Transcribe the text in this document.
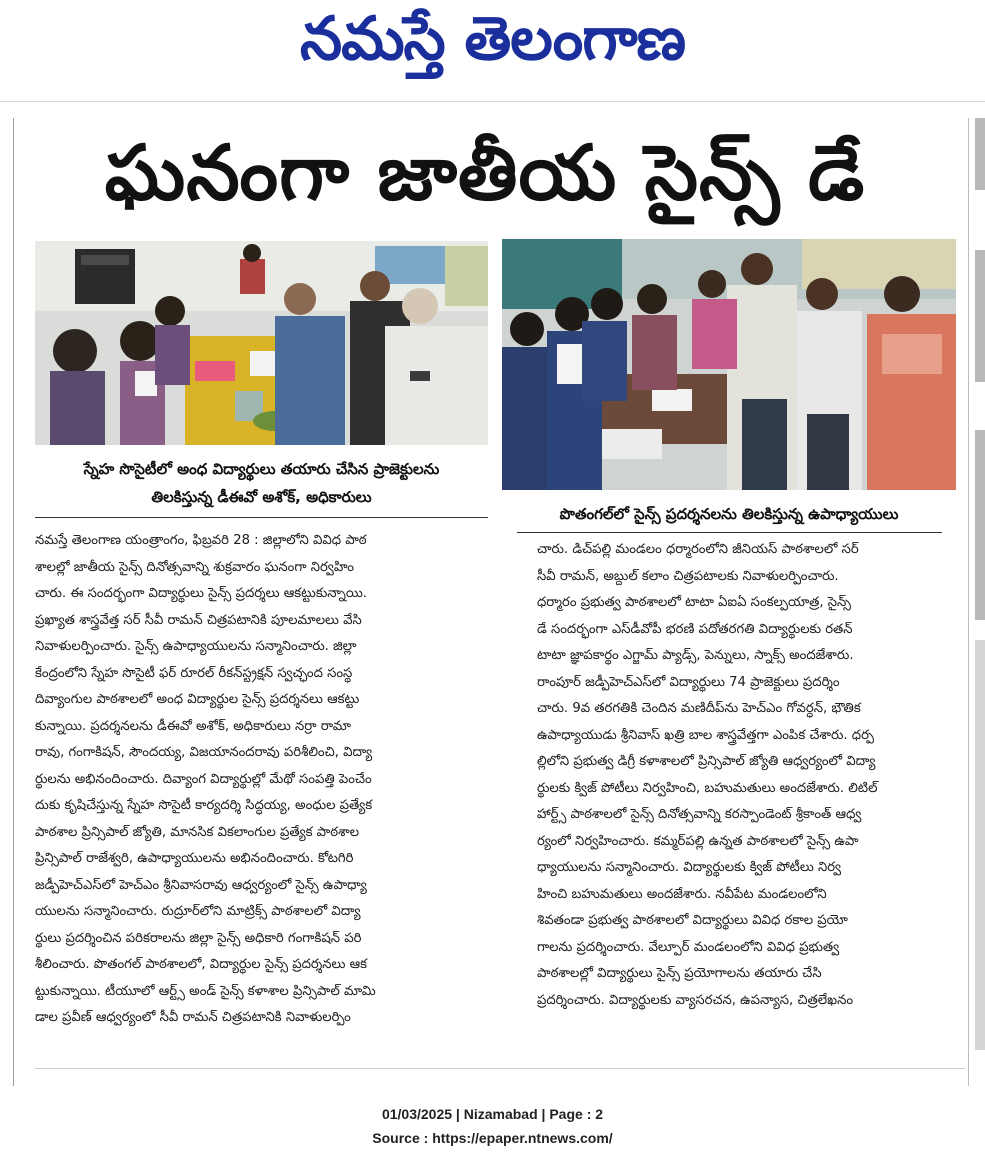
నమస్తే తెలంగాణ
ఘనంగా జాతీయ సైన్స్ డే
స్నేహ సొసైటీలో అంధ విద్యార్థులు తయారు చేసిన ప్రాజెక్టులను
తిలకిస్తున్న డీఈవో అశోక్, అధికారులు
పొతంగల్‌లో సైన్స్ ప్రదర్శనలను తిలకిస్తున్న ఉపాధ్యాయులు
నమస్తే తెలంగాణ యంత్రాంగం, ఫిబ్రవరి 28 : జిల్లాలోని వివిధ పాఠ
శాలల్లో జాతీయ సైన్స్ దినోత్సవాన్ని శుక్రవారం ఘనంగా నిర్వహిం
చారు. ఈ సందర్భంగా విద్యార్థులు సైన్స్ ప్రదర్శలు ఆకట్టుకున్నాయి.
ప్రఖ్యాత శాస్త్రవేత్త సర్ సీవీ రామన్ చిత్రపటానికి పూలమాలలు వేసి
నివాళులర్పించారు. సైన్స్ ఉపాధ్యాయులను సన్మానించారు. జిల్లా
కేంద్రంలోని స్నేహ సొసైటీ ఫర్ రూరల్ రీకన్‌స్ట్రక్షన్ స్వచ్ఛంద సంస్థ
దివ్యాంగుల పాఠశాలలో అంధ విద్యార్థుల సైన్స్ ప్రదర్శనలు ఆకట్టు
కున్నాయి. ప్రదర్శనలను డీఈవో అశోక్, అధికారులు నర్రా రామా
రావు, గంగాకిషన్, సౌందయ్య, విజయానందరావు పరిశీలించి, విద్యా
ర్థులను అభినందించారు. దివ్యాంగ విద్యార్థుల్లో మేథో సంపత్తి పెంచేం
దుకు కృషిచేస్తున్న స్నేహ సొసైటీ కార్యదర్శి సిద్ధయ్య, అంధుల ప్రత్యేక
పాఠశాల ప్రిన్సిపాల్ జ్యోతి, మానసిక వికలాంగుల ప్రత్యేక పాఠశాల
ప్రిన్సిపాల్ రాజేశ్వరి, ఉపాధ్యాయులను అభినందించారు. కోటగిరి
జడ్పీహెచ్‌ఎస్‌లో హెచ్‌ఎం శ్రీనివాసరావు ఆధ్వర్యంలో సైన్స్ ఉపాధ్యా
యులను సన్మానించారు. రుద్రూర్‌లోని మాట్రిక్స్ పాఠశాలలో విద్యా
ర్థులు ప్రదర్శించిన పరికరాలను జిల్లా సైన్స్ అధికారి గంగాకిషన్ పరి
శీలించారు. పొతంగల్ పాఠశాలలో, విద్యార్థుల సైన్స్ ప్రదర్శనలు ఆక
ట్టుకున్నాయి. టీయూలో ఆర్ట్స్ అండ్ సైన్స్ కళాశాల ప్రిన్సిపాల్ మామి
డాల ప్రవీణ్ ఆధ్వర్యంలో సీవీ రామన్ చిత్రపటానికి నివాళులర్పిం
చారు. డిచ్‌పల్లి మండలం ధర్మారంలోని జీనియస్ పాఠశాలలో సర్
సీవీ రామన్, అబ్దుల్ కలాం చిత్రపటాలకు నివాళులర్పించారు.
ధర్మారం ప్రభుత్వ పాఠశాలలో టాటా ఏఐఏ సంకల్పయాత్ర, సైన్స్
డే సందర్భంగా ఎస్‌డీవోపీ భరణి పదోతరగతి విద్యార్థులకు రతన్
టాటా జ్ఞాపకార్థం ఎగ్జామ్ ప్యాడ్స్, పెన్నులు, స్నాక్స్ అందజేశారు.
రాంపూర్ జడ్పీహెచ్‌ఎస్‌లో విద్యార్థులు 74 ప్రాజెక్టులు ప్రదర్శిం
చారు. 9వ తరగతికి చెందిన మణిదీప్‌ను హెచ్‌ఎం గోవర్ధన్, భౌతిక
ఉపాధ్యాయుడు శ్రీనివాస్ ఖత్రి బాల శాస్త్రవేత్తగా ఎంపిక చేశారు. ధర్ప
ల్లిలోని ప్రభుత్వ డిగ్రీ కళాశాలలో ప్రిన్సిపాల్ జ్యోతి ఆధ్వర్యంలో విద్యా
ర్థులకు క్విజ్ పోటీలు నిర్వహించి, బహుమతులు అందజేశారు. లిటిల్
హార్ట్స్ పాఠశాలలో సైన్స్ దినోత్సవాన్ని కరస్పాండెంట్ శ్రీకాంత్ ఆధ్వ
ర్యంలో నిర్వహించారు. కమ్మర్‌పల్లి ఉన్నత పాఠశాలలో సైన్స్ ఉపా
ధ్యాయులను సన్మానించారు. విద్యార్థులకు క్విజ్ పోటీలు నిర్వ
హించి బహుమతులు అందజేశారు. నవీపేట మండలంలోని
శివతండా ప్రభుత్వ పాఠశాలలో విద్యార్థులు వివిధ రకాల ప్రయో
గాలను ప్రదర్శించారు. వేల్పూర్ మండలంలోని వివిధ ప్రభుత్వ
పాఠశాలల్లో విద్యార్థులు సైన్స్ ప్రయోగాలను తయారు చేసి
ప్రదర్శించారు. విద్యార్థులకు వ్యాసరచన, ఉపన్యాస, చిత్రలేఖనం
01/03/2025 | Nizamabad | Page : 2
Source : https://epaper.ntnews.com/
